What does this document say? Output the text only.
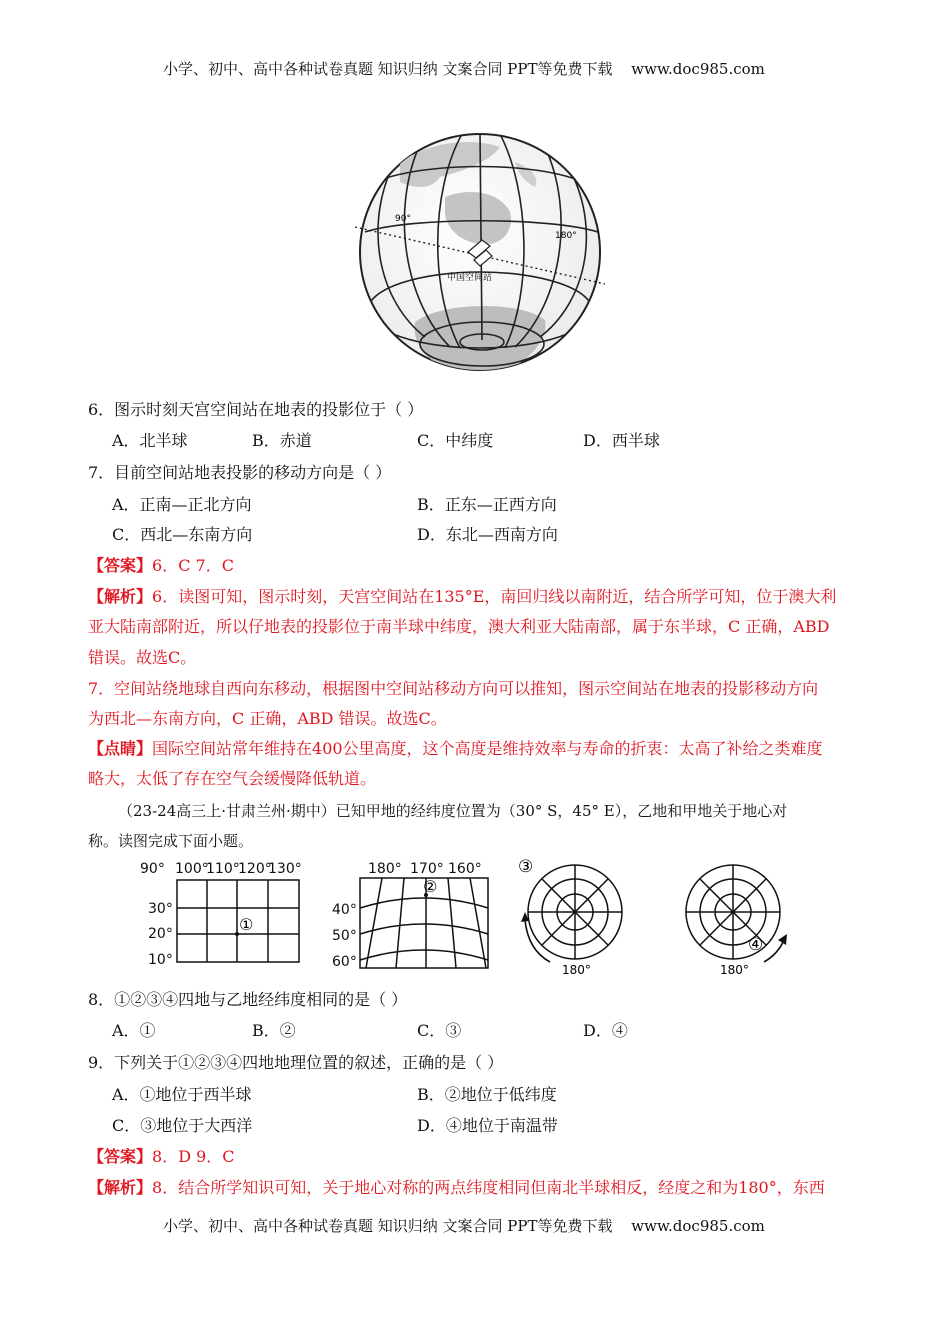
小学、初中、高中各种试卷真题 知识归纳 文案合同 PPT等免费下载 www.doc985.com
90°
180°
中国空间站
6．图示时刻天宫空间站在地表的投影位于（ ）
A．北半球	B．赤道	C．中纬度	D．西半球
7．目前空间站地表投影的移动方向是（ ）
A．正南—正北方向	B．正东—正西方向
C．西北—东南方向	D．东北—西南方向
【答案】6．C 7．C
【解析】6．读图可知，图示时刻，天宫空间站在135°E，南回归线以南附近，结合所学可知，位于澳大利
亚大陆南部附近，所以仔地表的投影位于南半球中纬度，澳大利亚大陆南部，属于东半球，C 正确，ABD
错误。故选C。
7．空间站绕地球自西向东移动，根据图中空间站移动方向可以推知，图示空间站在地表的投影移动方向
为西北—东南方向，C 正确，ABD 错误。故选C。
【点睛】国际空间站常年维持在400公里高度，这个高度是维持效率与寿命的折衷：太高了补给之类难度
略大，太低了存在空气会缓慢降低轨道。
（23-24高三上·甘肃兰州·期中）已知甲地的经纬度位置为（30° S，45° E），乙地和甲地关于地心对
称。读图完成下面小题。
90° 100°
110°
120°
130°
30°
20°
10°
①
180° 170° 160°
40°
50°
60°
②
③
180°
④
180°
8．①②③④四地与乙地经纬度相同的是（ ）
A．①	B．②	C．③	D．④
9．下列关于①②③④四地地理位置的叙述，正确的是（ ）
A．①地位于西半球	B．②地位于低纬度
C．③地位于大西洋	D．④地位于南温带
【答案】8．D 9．C
【解析】8．结合所学知识可知，关于地心对称的两点纬度相同但南北半球相反，经度之和为180°，东西
小学、初中、高中各种试卷真题 知识归纳 文案合同 PPT等免费下载 www.doc985.com
